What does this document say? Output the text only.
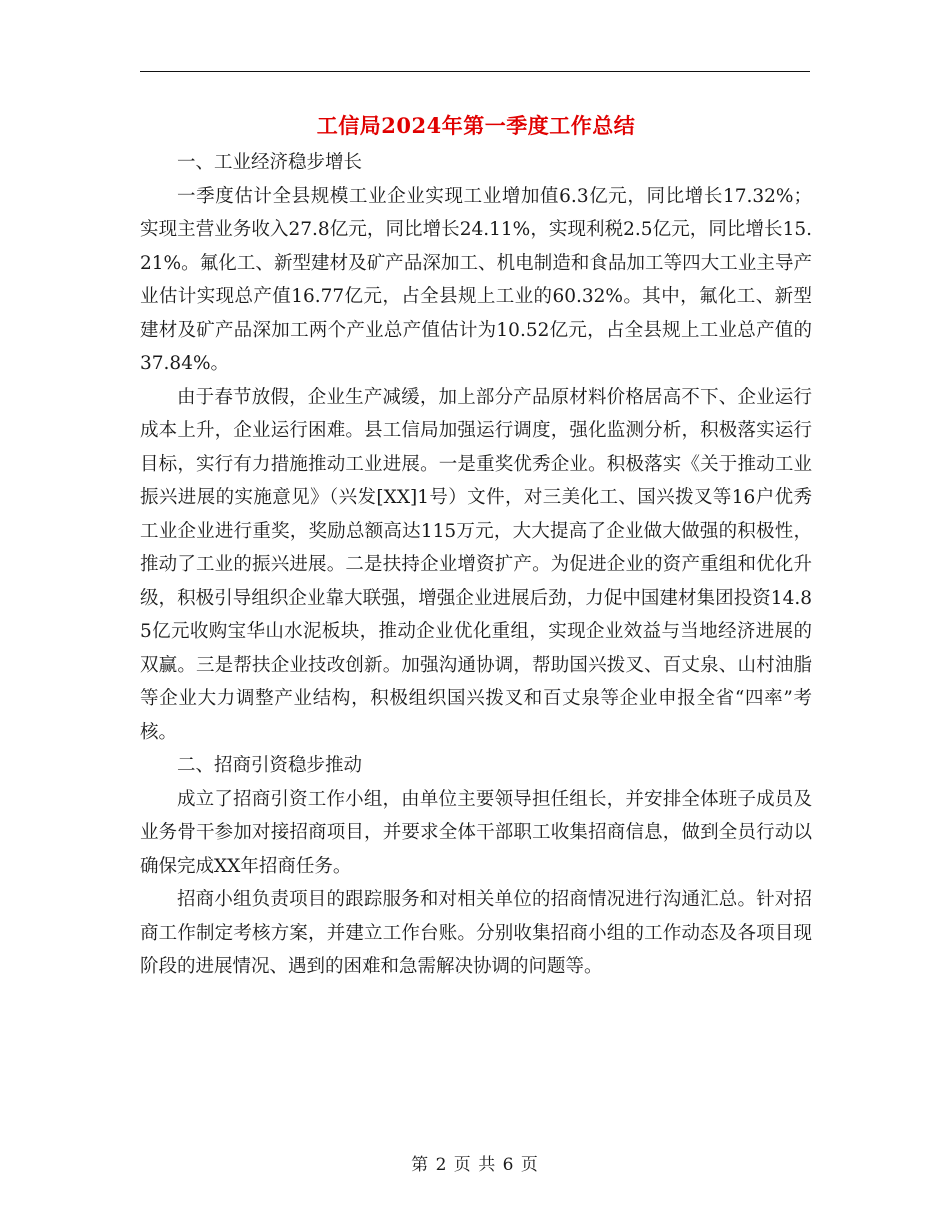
工信局2024年第一季度工作总结

一、工业经济稳步增长

一季度估计全县规模工业企业实现工业增加值6.3亿元，同比增长17.32%；实现主营业务收入27.8亿元，同比增长24.11%，实现利税2.5亿元，同比增长15.21%。氟化工、新型建材及矿产品深加工、机电制造和食品加工等四大工业主导产业估计实现总产值16.77亿元，占全县规上工业的60.32%。其中，氟化工、新型建材及矿产品深加工两个产业总产值估计为10.52亿元，占全县规上工业总产值的37.84%。

由于春节放假，企业生产减缓，加上部分产品原材料价格居高不下、企业运行成本上升，企业运行困难。县工信局加强运行调度，强化监测分析，积极落实运行目标，实行有力措施推动工业进展。一是重奖优秀企业。积极落实《关于推动工业振兴进展的实施意见》（兴发[XX]1号）文件，对三美化工、国兴拨叉等16户优秀工业企业进行重奖，奖励总额高达115万元，大大提高了企业做大做强的积极性，推动了工业的振兴进展。二是扶持企业增资扩产。为促进企业的资产重组和优化升级，积极引导组织企业靠大联强，增强企业进展后劲，力促中国建材集团投资14.85亿元收购宝华山水泥板块，推动企业优化重组，实现企业效益与当地经济进展的双赢。三是帮扶企业技改创新。加强沟通协调，帮助国兴拨叉、百丈泉、山村油脂等企业大力调整产业结构，积极组织国兴拨叉和百丈泉等企业申报全省“四率”考核。

二、招商引资稳步推动

成立了招商引资工作小组，由单位主要领导担任组长，并安排全体班子成员及业务骨干参加对接招商项目，并要求全体干部职工收集招商信息，做到全员行动以确保完成XX年招商任务。

招商小组负责项目的跟踪服务和对相关单位的招商情况进行沟通汇总。针对招商工作制定考核方案，并建立工作台账。分别收集招商小组的工作动态及各项目现阶段的进展情况、遇到的困难和急需解决协调的问题等。

第 2 页 共 6 页
